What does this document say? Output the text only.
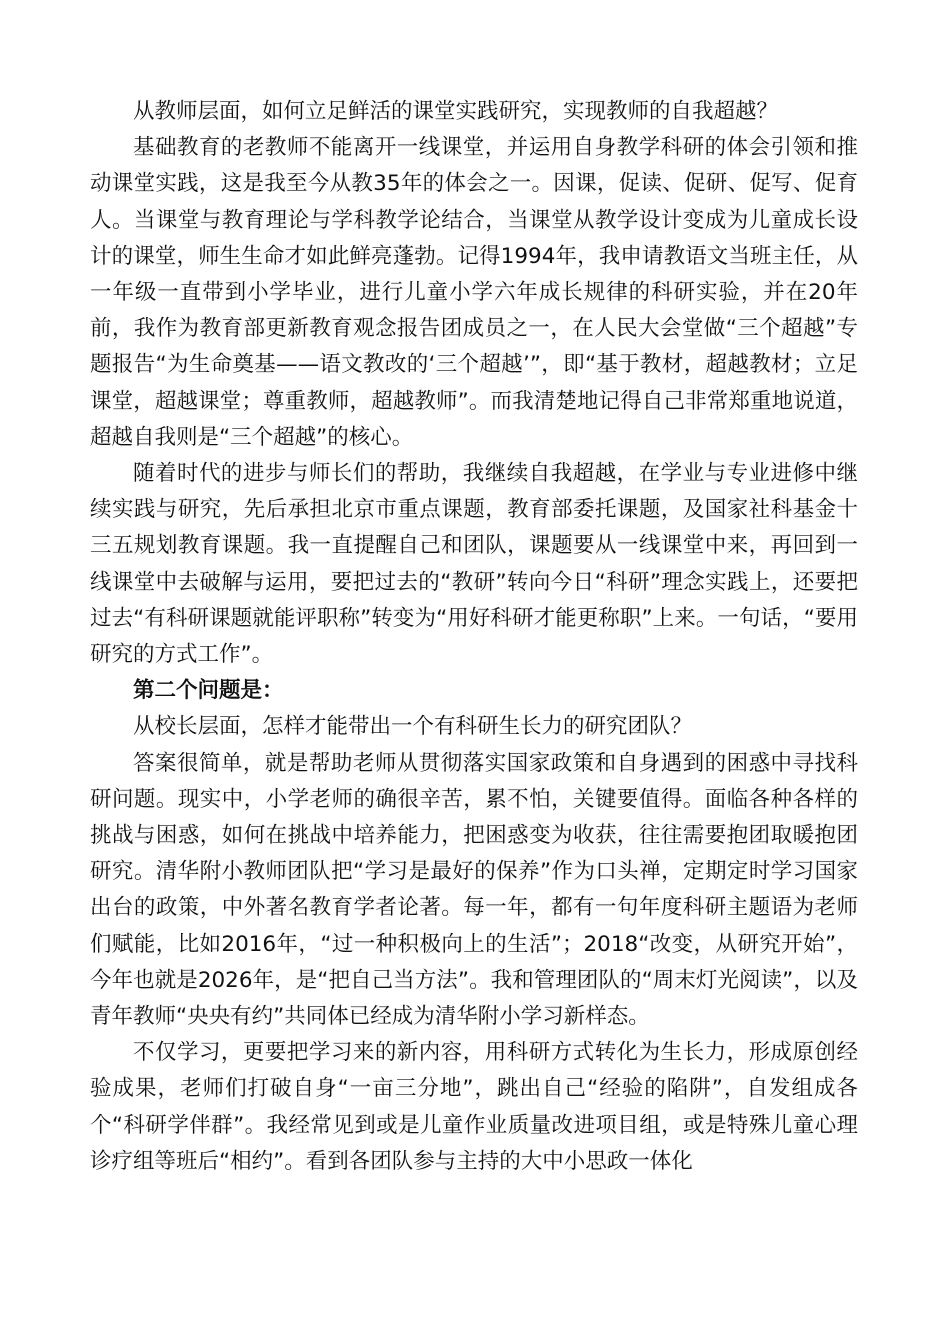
从教师层面，如何立足鲜活的课堂实践研究，实现教师的自我超越？

基础教育的老教师不能离开一线课堂，并运用自身教学科研的体会引领和推动课堂实践，这是我至今从教35年的体会之一。因课，促读、促研、促写、促育人。当课堂与教育理论与学科教学论结合，当课堂从教学设计变成为儿童成长设计的课堂，师生生命才如此鲜亮蓬勃。记得1994年，我申请教语文当班主任，从一年级一直带到小学毕业，进行儿童小学六年成长规律的科研实验，并在20年前，我作为教育部更新教育观念报告团成员之一，在人民大会堂做“三个超越”专题报告“为生命奠基——语文教改的‘三个超越’”，即“基于教材，超越教材；立足课堂，超越课堂；尊重教师，超越教师”。而我清楚地记得自己非常郑重地说道，超越自我则是“三个超越”的核心。

随着时代的进步与师长们的帮助，我继续自我超越，在学业与专业进修中继续实践与研究，先后承担北京市重点课题，教育部委托课题，及国家社科基金十三五规划教育课题。我一直提醒自己和团队，课题要从一线课堂中来，再回到一线课堂中去破解与运用，要把过去的“教研”转向今日“科研”理念实践上，还要把过去“有科研课题就能评职称”转变为“用好科研才能更称职”上来。一句话，“要用研究的方式工作”。

第二个问题是：

从校长层面，怎样才能带出一个有科研生长力的研究团队？

答案很简单，就是帮助老师从贯彻落实国家政策和自身遇到的困惑中寻找科研问题。现实中，小学老师的确很辛苦，累不怕，关键要值得。面临各种各样的挑战与困惑，如何在挑战中培养能力，把困惑变为收获，往往需要抱团取暖抱团研究。清华附小教师团队把“学习是最好的保养”作为口头禅，定期定时学习国家出台的政策，中外著名教育学者论著。每一年，都有一句年度科研主题语为老师们赋能，比如2016年，“过一种积极向上的生活”；2018“改变，从研究开始”，今年也就是2026年，是“把自己当方法”。我和管理团队的“周末灯光阅读”，以及青年教师“央央有约”共同体已经成为清华附小学习新样态。

不仅学习，更要把学习来的新内容，用科研方式转化为生长力，形成原创经验成果，老师们打破自身“一亩三分地”，跳出自己“经验的陷阱”，自发组成各个“科研学伴群”。我经常见到或是儿童作业质量改进项目组，或是特殊儿童心理诊疗组等班后“相约”。看到各团队参与主持的大中小思政一体化
